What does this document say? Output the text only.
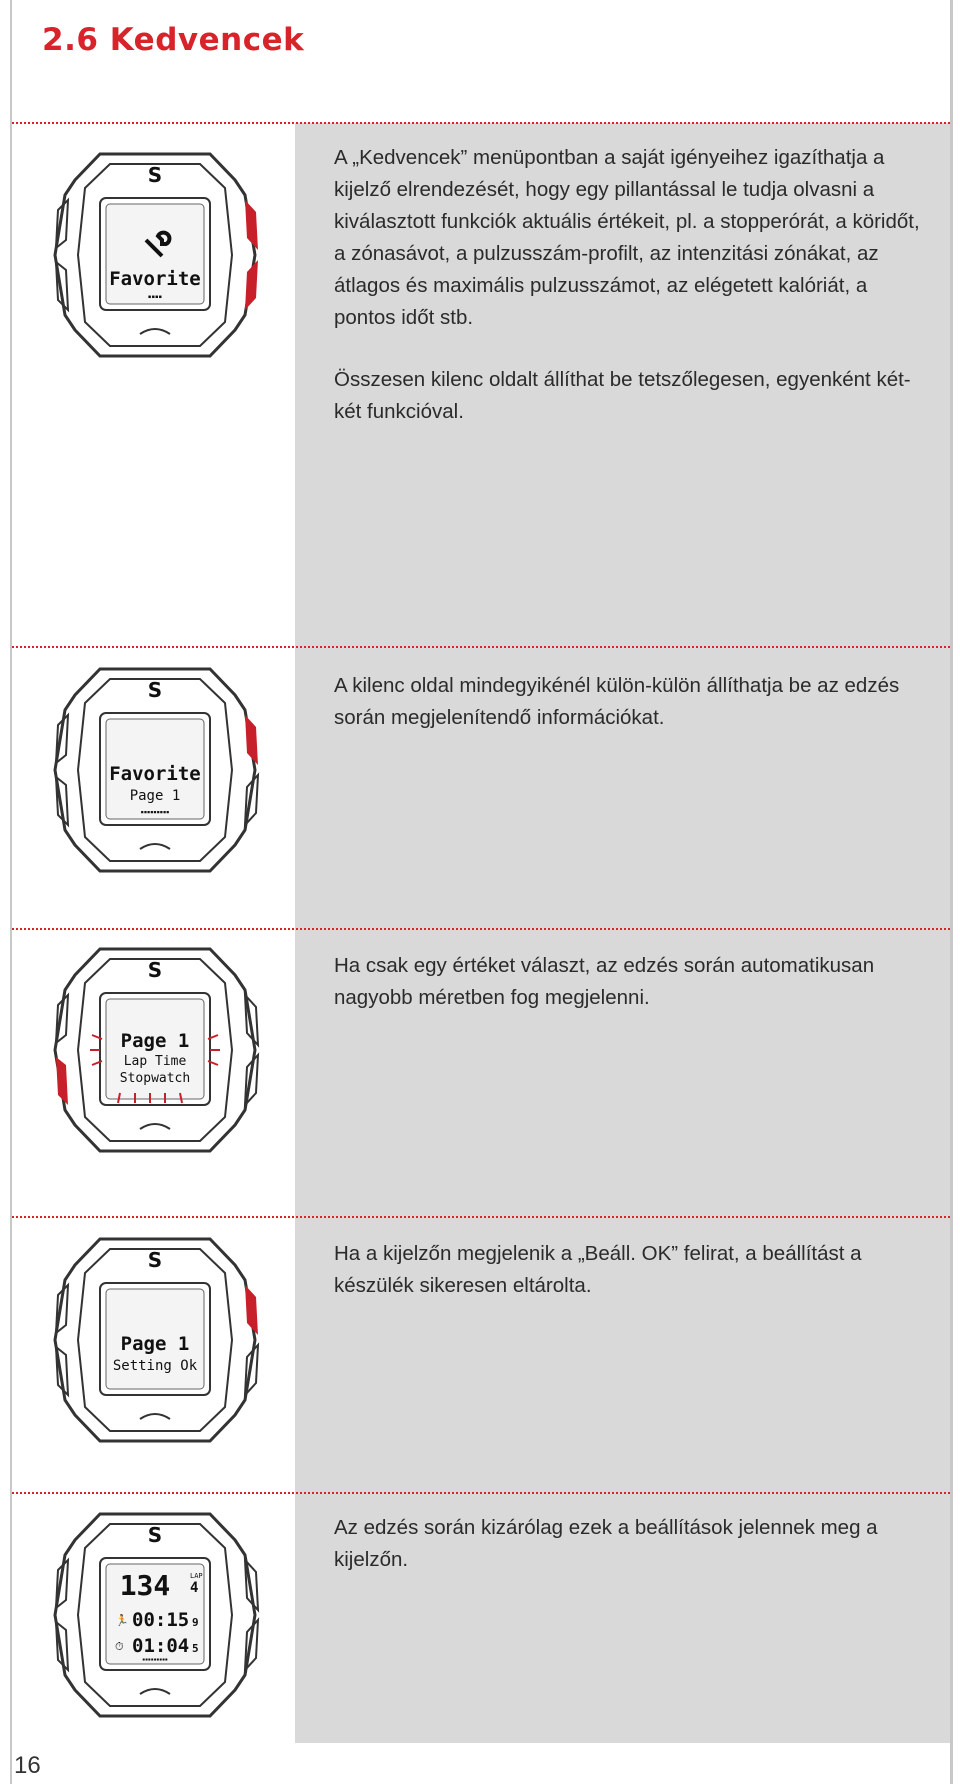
2.6 Kedvencek

A „Kedvencek” menüpontban a saját igényeihez igazíthatja a kijelző elrendezését, hogy egy pillantással le tudja olvasni a kiválasztott funkciók aktuális értékeit, pl. a stopperórát, a köridőt, a zónasávot, a pulzusszám-profilt, az intenzitási zónákat, az átlagos és maximális pulzusszámot, az elégetett kalóriát, a pontos időt stb.

Összesen kilenc oldalt állíthat be tetszőlegesen, egyenként két-két funkcióval.

A kilenc oldal mindegyikénél külön-külön állíthatja be az edzés során megjelenítendő információkat.

Ha csak egy értéket választ, az edzés során automatikusan nagyobb méretben fog megjelenni.

Ha a kijelzőn megjelenik a „Beáll. OK” felirat, a beállítást a készülék sikeresen eltárolta.

Az edzés során kizárólag ezek a beállítások jelennek meg a kijelzőn.

S
Favorite
▪▪▪▪
S
Favorite
Page 1
▪▪▪▪▪▪▪▪▪
S
Page 1
Lap Time
Stopwatch
S
Page 1
Setting Ok
S
134	LAP
4
🏃 00:15 9
⏱ 01:04 5
▪▪▪▪▪▪▪▪▪
16
